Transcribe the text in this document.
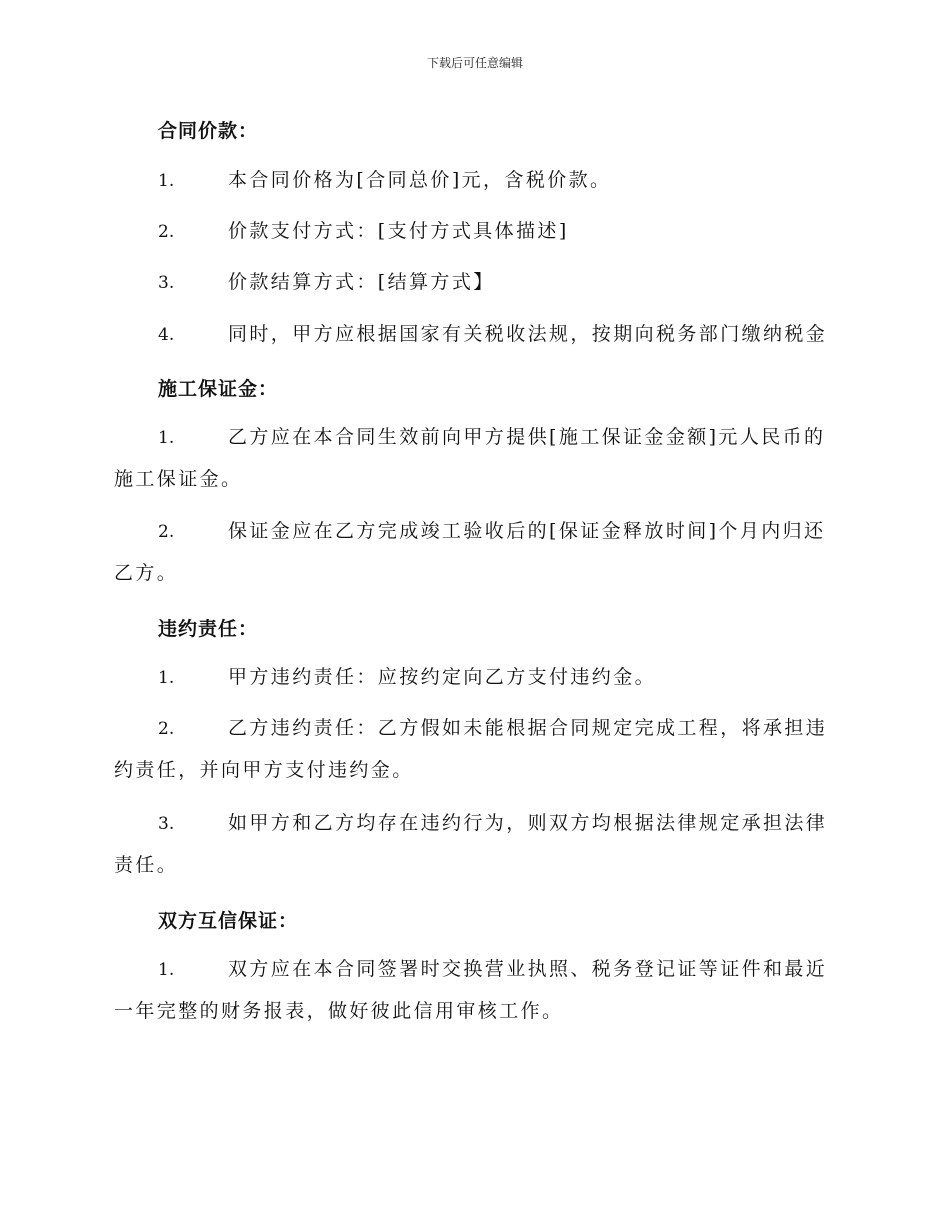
下载后可任意编辑
合同价款：
1.	本合同价格为[合同总价]元，含税价款。
2.	价款支付方式：[支付方式具体描述]
3.	价款结算方式：[结算方式】
4.	同时，甲方应根据国家有关税收法规，按期向税务部门缴纳税金
施工保证金：
1.	乙方应在本合同生效前向甲方提供[施工保证金金额]元人民币的
施工保证金。
2.	保证金应在乙方完成竣工验收后的[保证金释放时间]个月内归还
乙方。
违约责任：
1.	甲方违约责任：应按约定向乙方支付违约金。
2.	乙方违约责任：乙方假如未能根据合同规定完成工程，将承担违
约责任，并向甲方支付违约金。
3.	如甲方和乙方均存在违约行为，则双方均根据法律规定承担法律
责任。
双方互信保证：
1.	双方应在本合同签署时交换营业执照、税务登记证等证件和最近
一年完整的财务报表，做好彼此信用审核工作。
